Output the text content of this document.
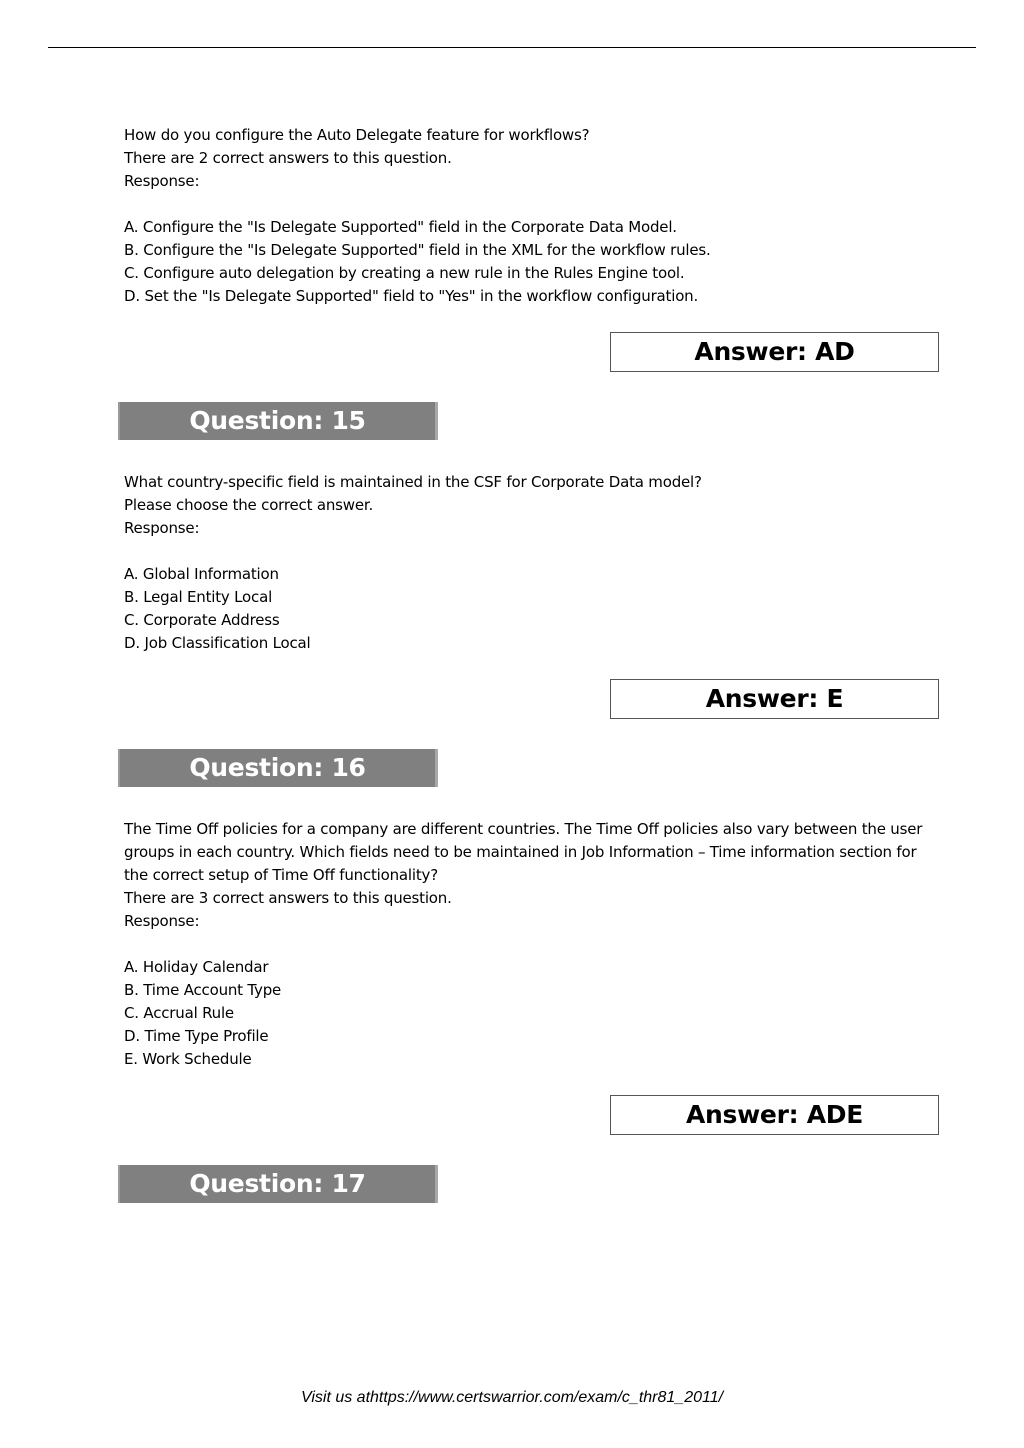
How do you configure the Auto Delegate feature for workflows?
There are 2 correct answers to this question.
Response:
A. Configure the "Is Delegate Supported" field in the Corporate Data Model.
B. Configure the "Is Delegate Supported" field in the XML for the workflow rules.
C. Configure auto delegation by creating a new rule in the Rules Engine tool.
D. Set the "Is Delegate Supported" field to "Yes" in the workflow configuration.
Answer: AD
Question: 15
What country-specific field is maintained in the CSF for Corporate Data model?
Please choose the correct answer.
Response:
A. Global Information
B. Legal Entity Local
C. Corporate Address
D. Job Classification Local
Answer: E
Question: 16
The Time Off policies for a company are different countries. The Time Off policies also vary between the user groups in each country. Which fields need to be maintained in Job Information – Time information section for the correct setup of Time Off functionality?
There are 3 correct answers to this question.
Response:
A. Holiday Calendar
B. Time Account Type
C. Accrual Rule
D. Time Type Profile
E. Work Schedule
Answer: ADE
Question: 17
Visit us athttps://www.certswarrior.com/exam/c_thr81_2011/
